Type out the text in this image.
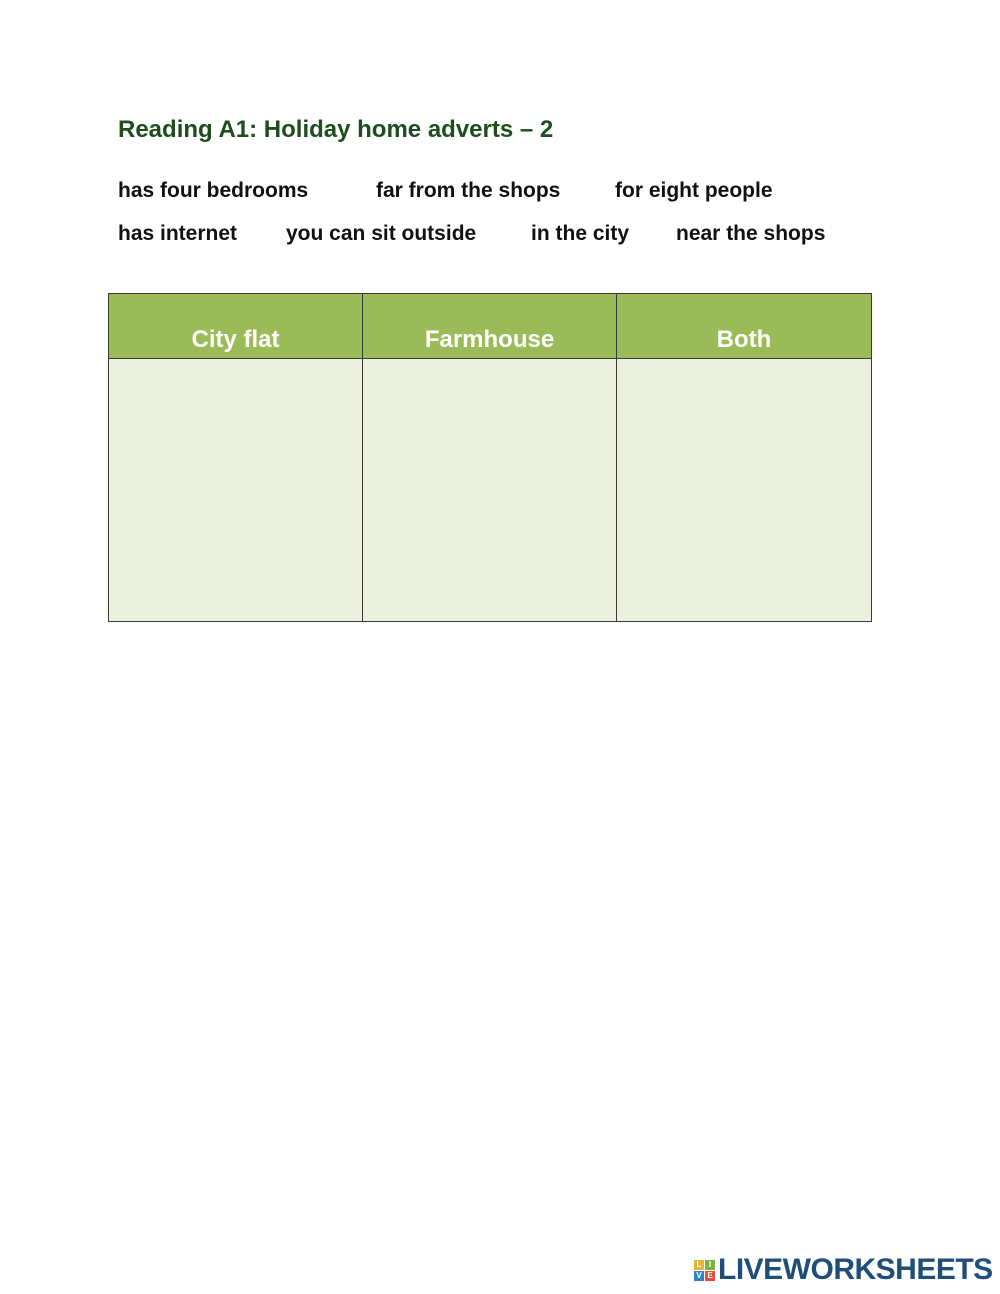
Reading A1: Holiday home adverts – 2
has four bedrooms	far from the shops	for eight people
has internet you can sit outside	in the city near the shops
City flat	Farmhouse	Both
L I
V E LIVEWORKSHEETS
